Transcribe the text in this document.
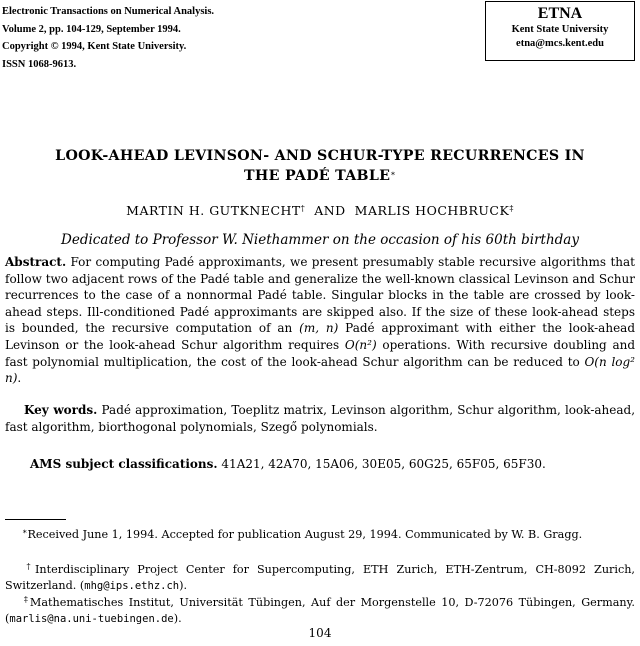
Electronic Transactions on Numerical Analysis.
Volume 2, pp. 104-129, September 1994.
Copyright © 1994, Kent State University.
ISSN 1068-9613.
ETNA
Kent State University
etna@mcs.kent.edu
LOOK-AHEAD LEVINSON- AND SCHUR-TYPE RECURRENCES IN
THE PADÉ TABLE∗
MARTIN H. GUTKNECHT† AND MARLIS HOCHBRUCK‡
Dedicated to Professor W. Niethammer on the occasion of his 60th birthday
Abstract. For computing Padé approximants, we present presumably stable recursive algorithms that follow two adjacent rows of the Padé table and generalize the well-known classical Levinson and Schur recurrences to the case of a nonnormal Padé table. Singular blocks in the table are crossed by look-ahead steps. Ill-conditioned Padé approximants are skipped also. If the size of these look-ahead steps is bounded, the recursive computation of an (m, n) Padé approximant with either the look-ahead Levinson or the look-ahead Schur algorithm requires O(n²) operations. With recursive doubling and fast polynomial multiplication, the cost of the look-ahead Schur algorithm can be reduced to O(n log² n).
Key words. Padé approximation, Toeplitz matrix, Levinson algorithm, Schur algorithm, look-ahead, fast algorithm, biorthogonal polynomials, Szegő polynomials.
AMS subject classifications. 41A21, 42A70, 15A06, 30E05, 60G25, 65F05, 65F30.
∗Received June 1, 1994. Accepted for publication August 29, 1994. Communicated by W. B. Gragg.
†Interdisciplinary Project Center for Supercomputing, ETH Zurich, ETH-Zentrum, CH-8092 Zurich, Switzerland. (mhg@ips.ethz.ch).
‡Mathematisches Institut, Universität Tübingen, Auf der Morgenstelle 10, D-72076 Tübingen, Germany. (marlis@na.uni-tuebingen.de).
104
